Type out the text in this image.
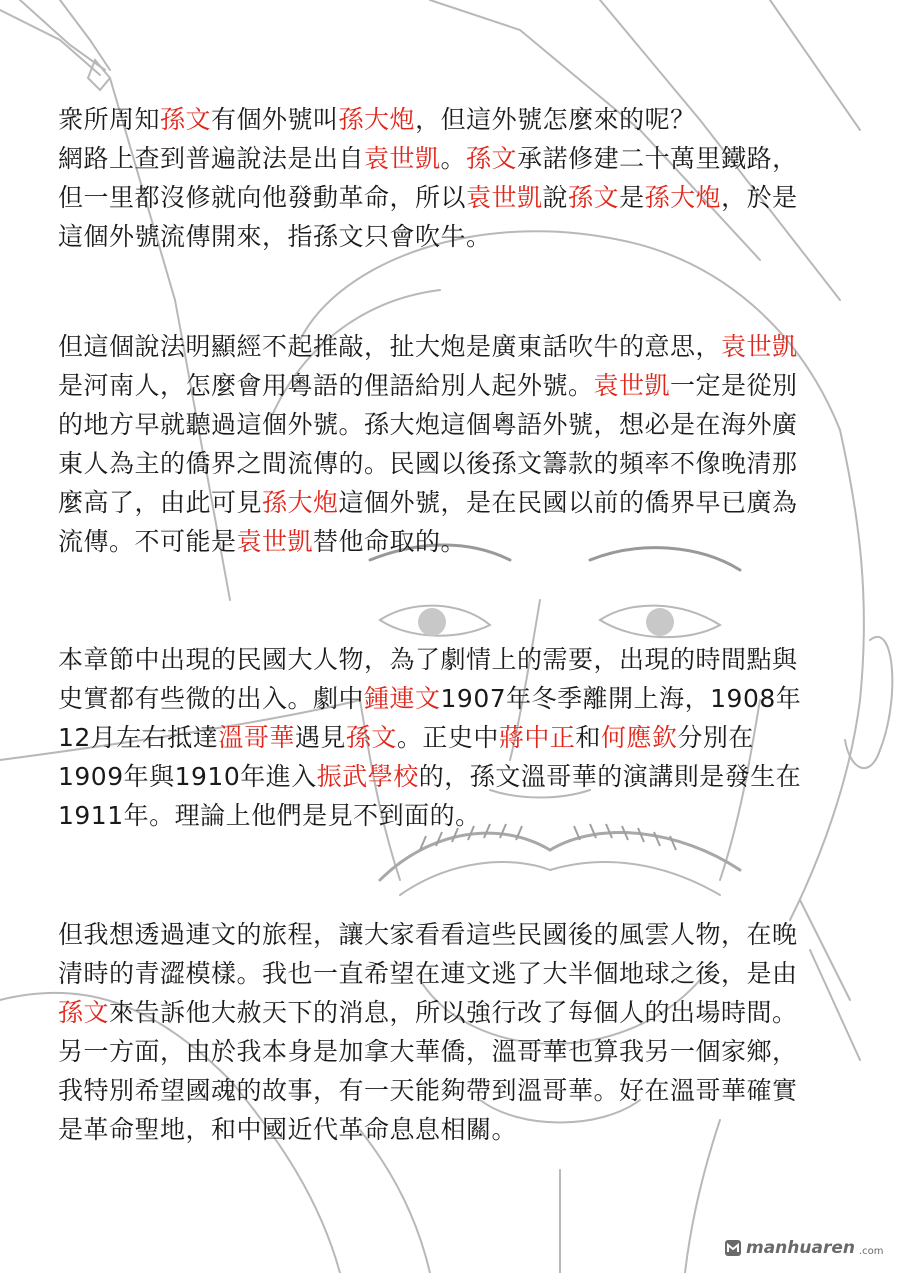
衆所周知孫文有個外號叫孫大炮，但這外號怎麼來的呢？
網路上查到普遍說法是出自袁世凱。孫文承諾修建二十萬里鐵路，
但一里都沒修就向他發動革命，所以袁世凱說孫文是孫大炮，於是
這個外號流傳開來，指孫文只會吹牛。
但這個說法明顯經不起推敲，扯大炮是廣東話吹牛的意思，袁世凱
是河南人，怎麼會用粵語的俚語給別人起外號。袁世凱一定是從別
的地方早就聽過這個外號。孫大炮這個粵語外號，想必是在海外廣
東人為主的僑界之間流傳的。民國以後孫文籌款的頻率不像晚清那
麼高了，由此可見孫大炮這個外號，是在民國以前的僑界早已廣為
流傳。不可能是袁世凱替他命取的。
本章節中出現的民國大人物，為了劇情上的需要，出現的時間點與
史實都有些微的出入。劇中鍾連文1907年冬季離開上海，1908年
12月左右抵達溫哥華遇見孫文。正史中蔣中正和何應欽分別在
1909年與1910年進入振武學校的，孫文溫哥華的演講則是發生在
1911年。理論上他們是見不到面的。
但我想透過連文的旅程，讓大家看看這些民國後的風雲人物，在晚
清時的青澀模樣。我也一直希望在連文逃了大半個地球之後，是由
孫文來告訴他大赦天下的消息，所以強行改了每個人的出場時間。
另一方面，由於我本身是加拿大華僑，溫哥華也算我另一個家鄉，
我特別希望國魂的故事，有一天能夠帶到溫哥華。好在溫哥華確實
是革命聖地，和中國近代革命息息相關。
manhuaren .com
